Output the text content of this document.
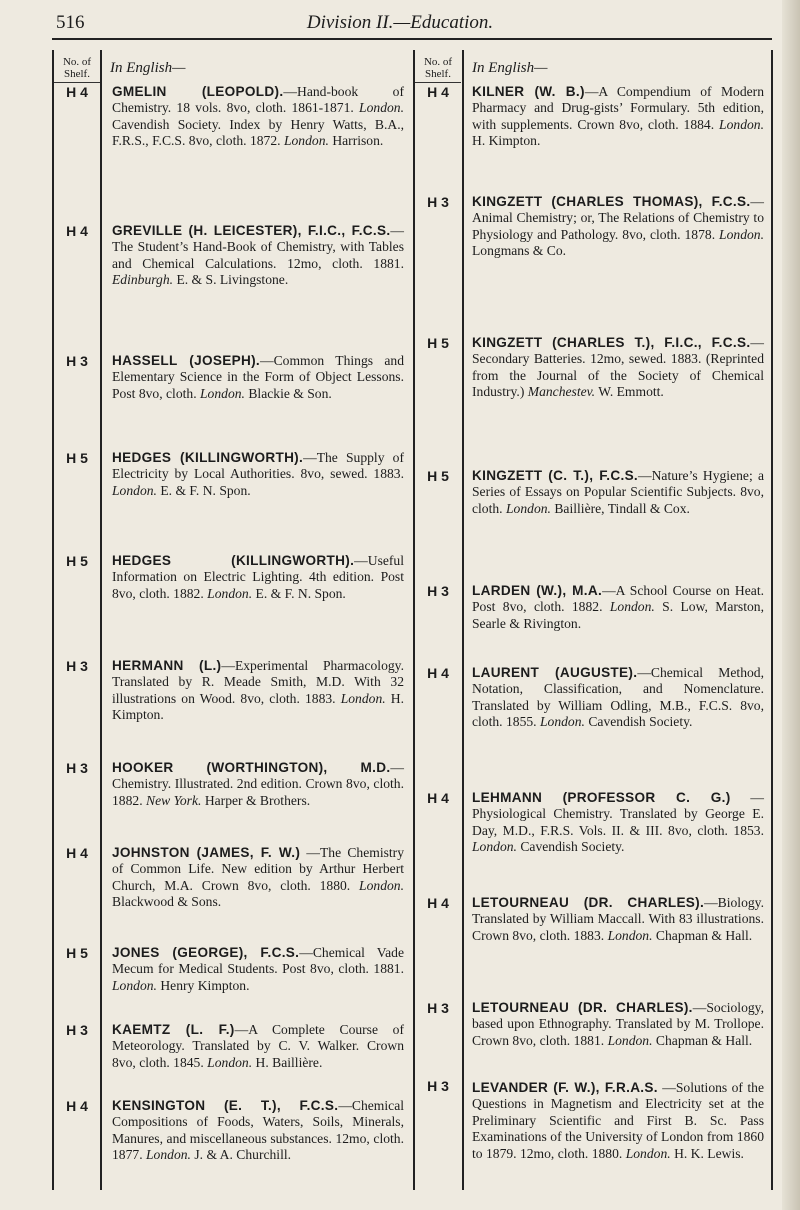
516	Division II.—Education.
No. of
Shelf.	In English—	No. of
Shelf.	In English—
H 4	GMELIN (LEOPOLD).—Hand-book of Chemistry. 18 vols. 8vo, cloth. 1861-1871. London. Cavendish Society. Index by Henry Watts, B.A., F.R.S., F.C.S. 8vo, cloth. 1872. London. Harrison.
H 4	GREVILLE (H. LEICESTER), F.I.C., F.C.S.—The Student’s Hand-Book of Chemistry, with Tables and Chemical Calculations. 12mo, cloth. 1881. Edinburgh. E. & S. Livingstone.
H 3	HASSELL (JOSEPH).—Common Things and Elementary Science in the Form of Object Lessons. Post 8vo, cloth. London. Blackie & Son.
H 5	HEDGES (KILLINGWORTH).—The Supply of Electricity by Local Authorities. 8vo, sewed. 1883. London. E. & F. N. Spon.
H 5	HEDGES (KILLINGWORTH).—Useful Information on Electric Lighting. 4th edition. Post 8vo, cloth. 1882. London. E. & F. N. Spon.
H 3	HERMANN (L.)—Experimental Pharmacology. Translated by R. Meade Smith, M.D. With 32 illustrations on Wood. 8vo, cloth. 1883. London. H. Kimpton.
H 3	HOOKER (WORTHINGTON), M.D.—Chemistry. Illustrated. 2nd edition. Crown 8vo, cloth. 1882. New York. Harper & Brothers.
H 4	JOHNSTON (JAMES, F. W.) —The Chemistry of Common Life. New edition by Arthur Herbert Church, M.A. Crown 8vo, cloth. 1880. London. Blackwood & Sons.
H 5	JONES (GEORGE), F.C.S.—Chemical Vade Mecum for Medical Students. Post 8vo, cloth. 1881. London. Henry Kimpton.
H 3	KAEMTZ (L. F.)—A Complete Course of Meteorology. Translated by C. V. Walker. Crown 8vo, cloth. 1845. London. H. Baillière.
H 4	KENSINGTON (E. T.), F.C.S.—Chemical Compositions of Foods, Waters, Soils, Minerals, Manures, and miscellaneous substances. 12mo, cloth. 1877. London. J. & A. Churchill.
H 4	KILNER (W. B.)—A Compendium of Modern Pharmacy and Drug-gists’ Formulary. 5th edition, with supplements. Crown 8vo, cloth. 1884. London. H. Kimpton.
H 3	KINGZETT (CHARLES THOMAS), F.C.S.—Animal Chemistry; or, The Relations of Chemistry to Physiology and Pathology. 8vo, cloth. 1878. London. Longmans & Co.
H 5	KINGZETT (CHARLES T.), F.I.C., F.C.S.—Secondary Batteries. 12mo, sewed. 1883. (Reprinted from the Journal of the Society of Chemical Industry.) Manchestev. W. Emmott.
H 5	KINGZETT (C. T.), F.C.S.—Nature’s Hygiene; a Series of Essays on Popular Scientific Subjects. 8vo, cloth. London. Baillière, Tindall & Cox.
H 3	LARDEN (W.), M.A.—A School Course on Heat. Post 8vo, cloth. 1882. London. S. Low, Marston, Searle & Rivington.
H 4	LAURENT (AUGUSTE).—Chemical Method, Notation, Classification, and Nomenclature. Translated by William Odling, M.B., F.C.S. 8vo, cloth. 1855. London. Cavendish Society.
H 4	LEHMANN (PROFESSOR C. G.) — Physiological Chemistry. Translated by George E. Day, M.D., F.R.S. Vols. II. & III. 8vo, cloth. 1853. London. Cavendish Society.
H 4	LETOURNEAU (DR. CHARLES).—Biology. Translated by William Maccall. With 83 illustrations. Crown 8vo, cloth. 1883. London. Chapman & Hall.
H 3	LETOURNEAU (DR. CHARLES).—Sociology, based upon Ethnography. Translated by M. Trollope. Crown 8vo, cloth. 1881. London. Chapman & Hall.
H 3	LEVANDER (F. W.), F.R.A.S. —Solutions of the Questions in Magnetism and Electricity set at the Preliminary Scientific and First B. Sc. Pass Examinations of the University of London from 1860 to 1879. 12mo, cloth. 1880. London. H. K. Lewis.
